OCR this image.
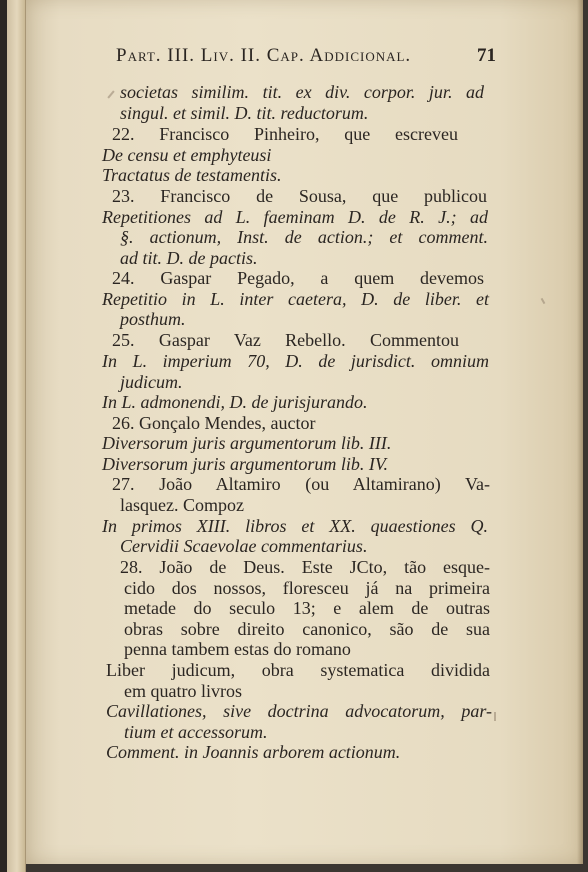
Part. III. Liv. II. Cap. Addicional.	71
societas similim. tit. ex div. corpor. jur. ad
singul. et simil. D. tit. reductorum.
22. Francisco Pinheiro, que escreveu
De censu et emphyteusi
Tractatus de testamentis.
23. Francisco de Sousa, que publicou
Repetitiones ad L. faeminam D. de R. J.; ad
§. actionum, Inst. de action.; et comment.
ad tit. D. de pactis.
24. Gaspar Pegado, a quem devemos
Repetitio in L. inter caetera, D. de liber. et
posthum.
25. Gaspar Vaz Rebello. Commentou
In L. imperium 70, D. de jurisdict. omnium
judicum.
In L. admonendi, D. de jurisjurando.
26. Gonçalo Mendes, auctor
Diversorum juris argumentorum lib. III.
Diversorum juris argumentorum lib. IV.
27. João Altamiro (ou Altamirano) Va-
lasquez. Compoz
In primos XIII. libros et XX. quaestiones Q.
Cervidii Scaevolae commentarius.
28. João de Deus. Este JCto, tão esque-
cido dos nossos, floresceu já na primeira
metade do seculo 13; e alem de outras
obras sobre direito canonico, são de sua
penna tambem estas do romano
Liber judicum, obra systematica dividida
em quatro livros
Cavillationes, sive doctrina advocatorum, par-
tium et accessorum.
Comment. in Joannis arborem actionum.
